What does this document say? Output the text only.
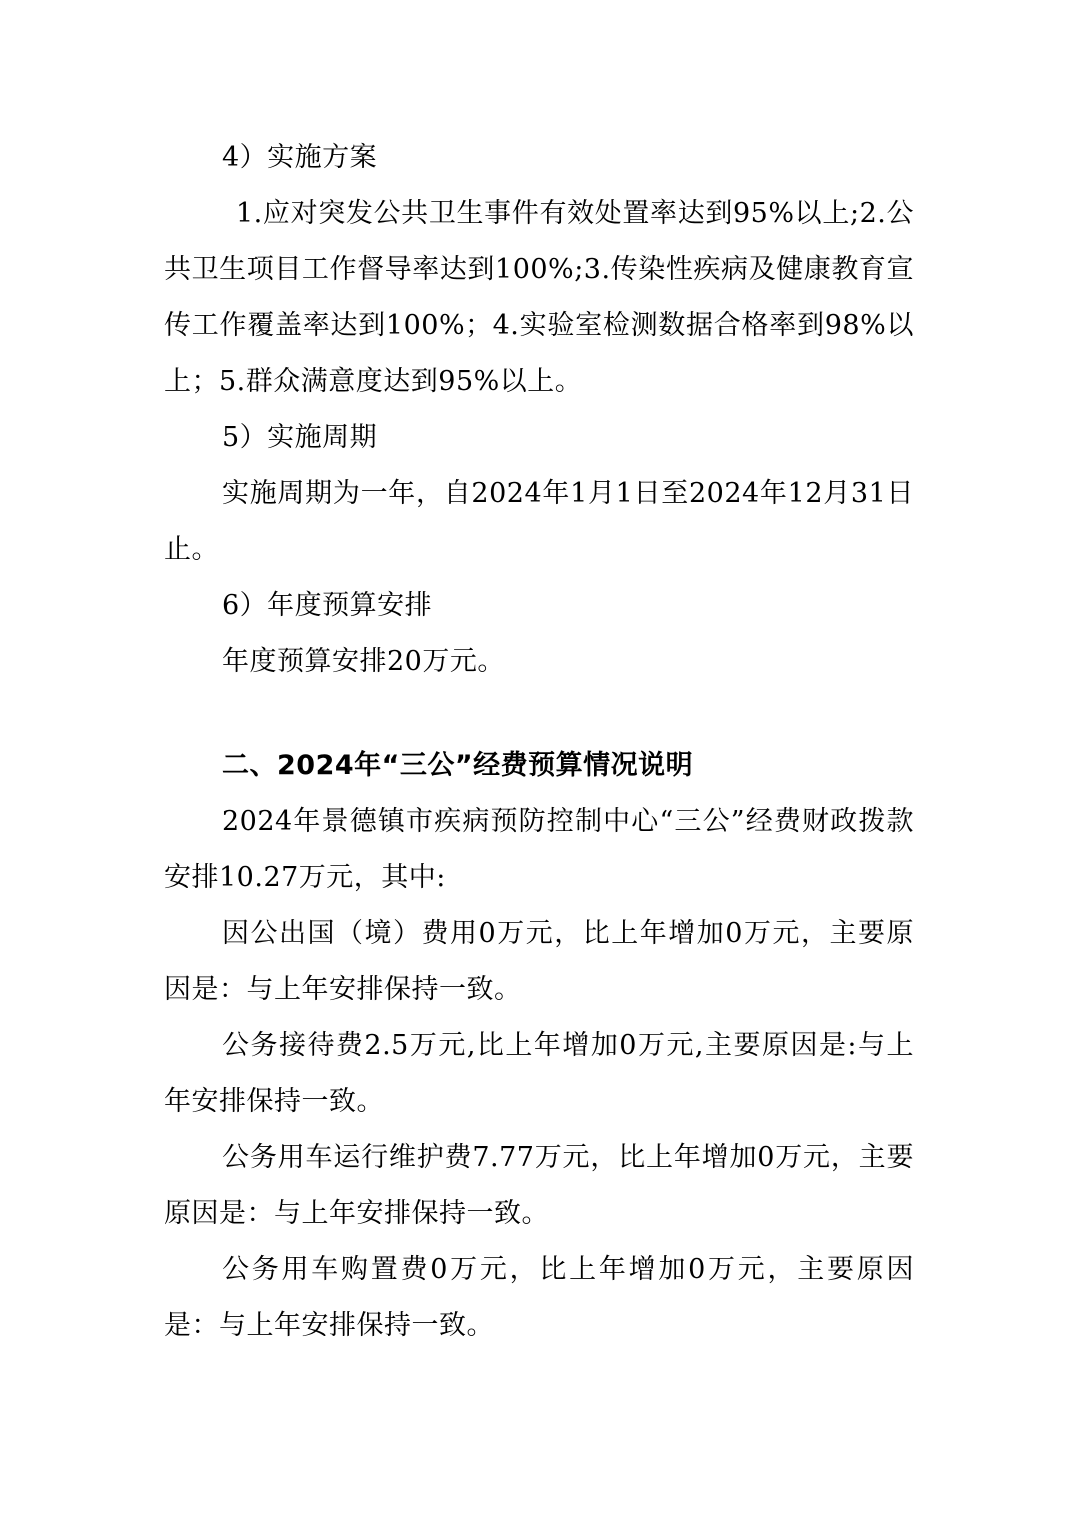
4）实施方案

1.应对突发公共卫生事件有效处置率达到95%以上;2.公共卫生项目工作督导率达到100%;3.传染性疾病及健康教育宣传工作覆盖率达到100%；4.实验室检测数据合格率到98%以上；5.群众满意度达到95%以上。

5）实施周期

实施周期为一年，自2024年1月1日至2024年12月31日止。

6）年度预算安排

年度预算安排20万元。

二、2024年“三公”经费预算情况说明

2024年景德镇市疾病预防控制中心“三公”经费财政拨款安排10.27万元，其中:

因公出国（境）费用0万元，比上年增加0万元，主要原因是：与上年安排保持一致。

公务接待费2.5万元,比上年增加0万元,主要原因是:与上年安排保持一致。

公务用车运行维护费7.77万元，比上年增加0万元，主要原因是：与上年安排保持一致。

公务用车购置费0万元，比上年增加0万元，主要原因是：与上年安排保持一致。
